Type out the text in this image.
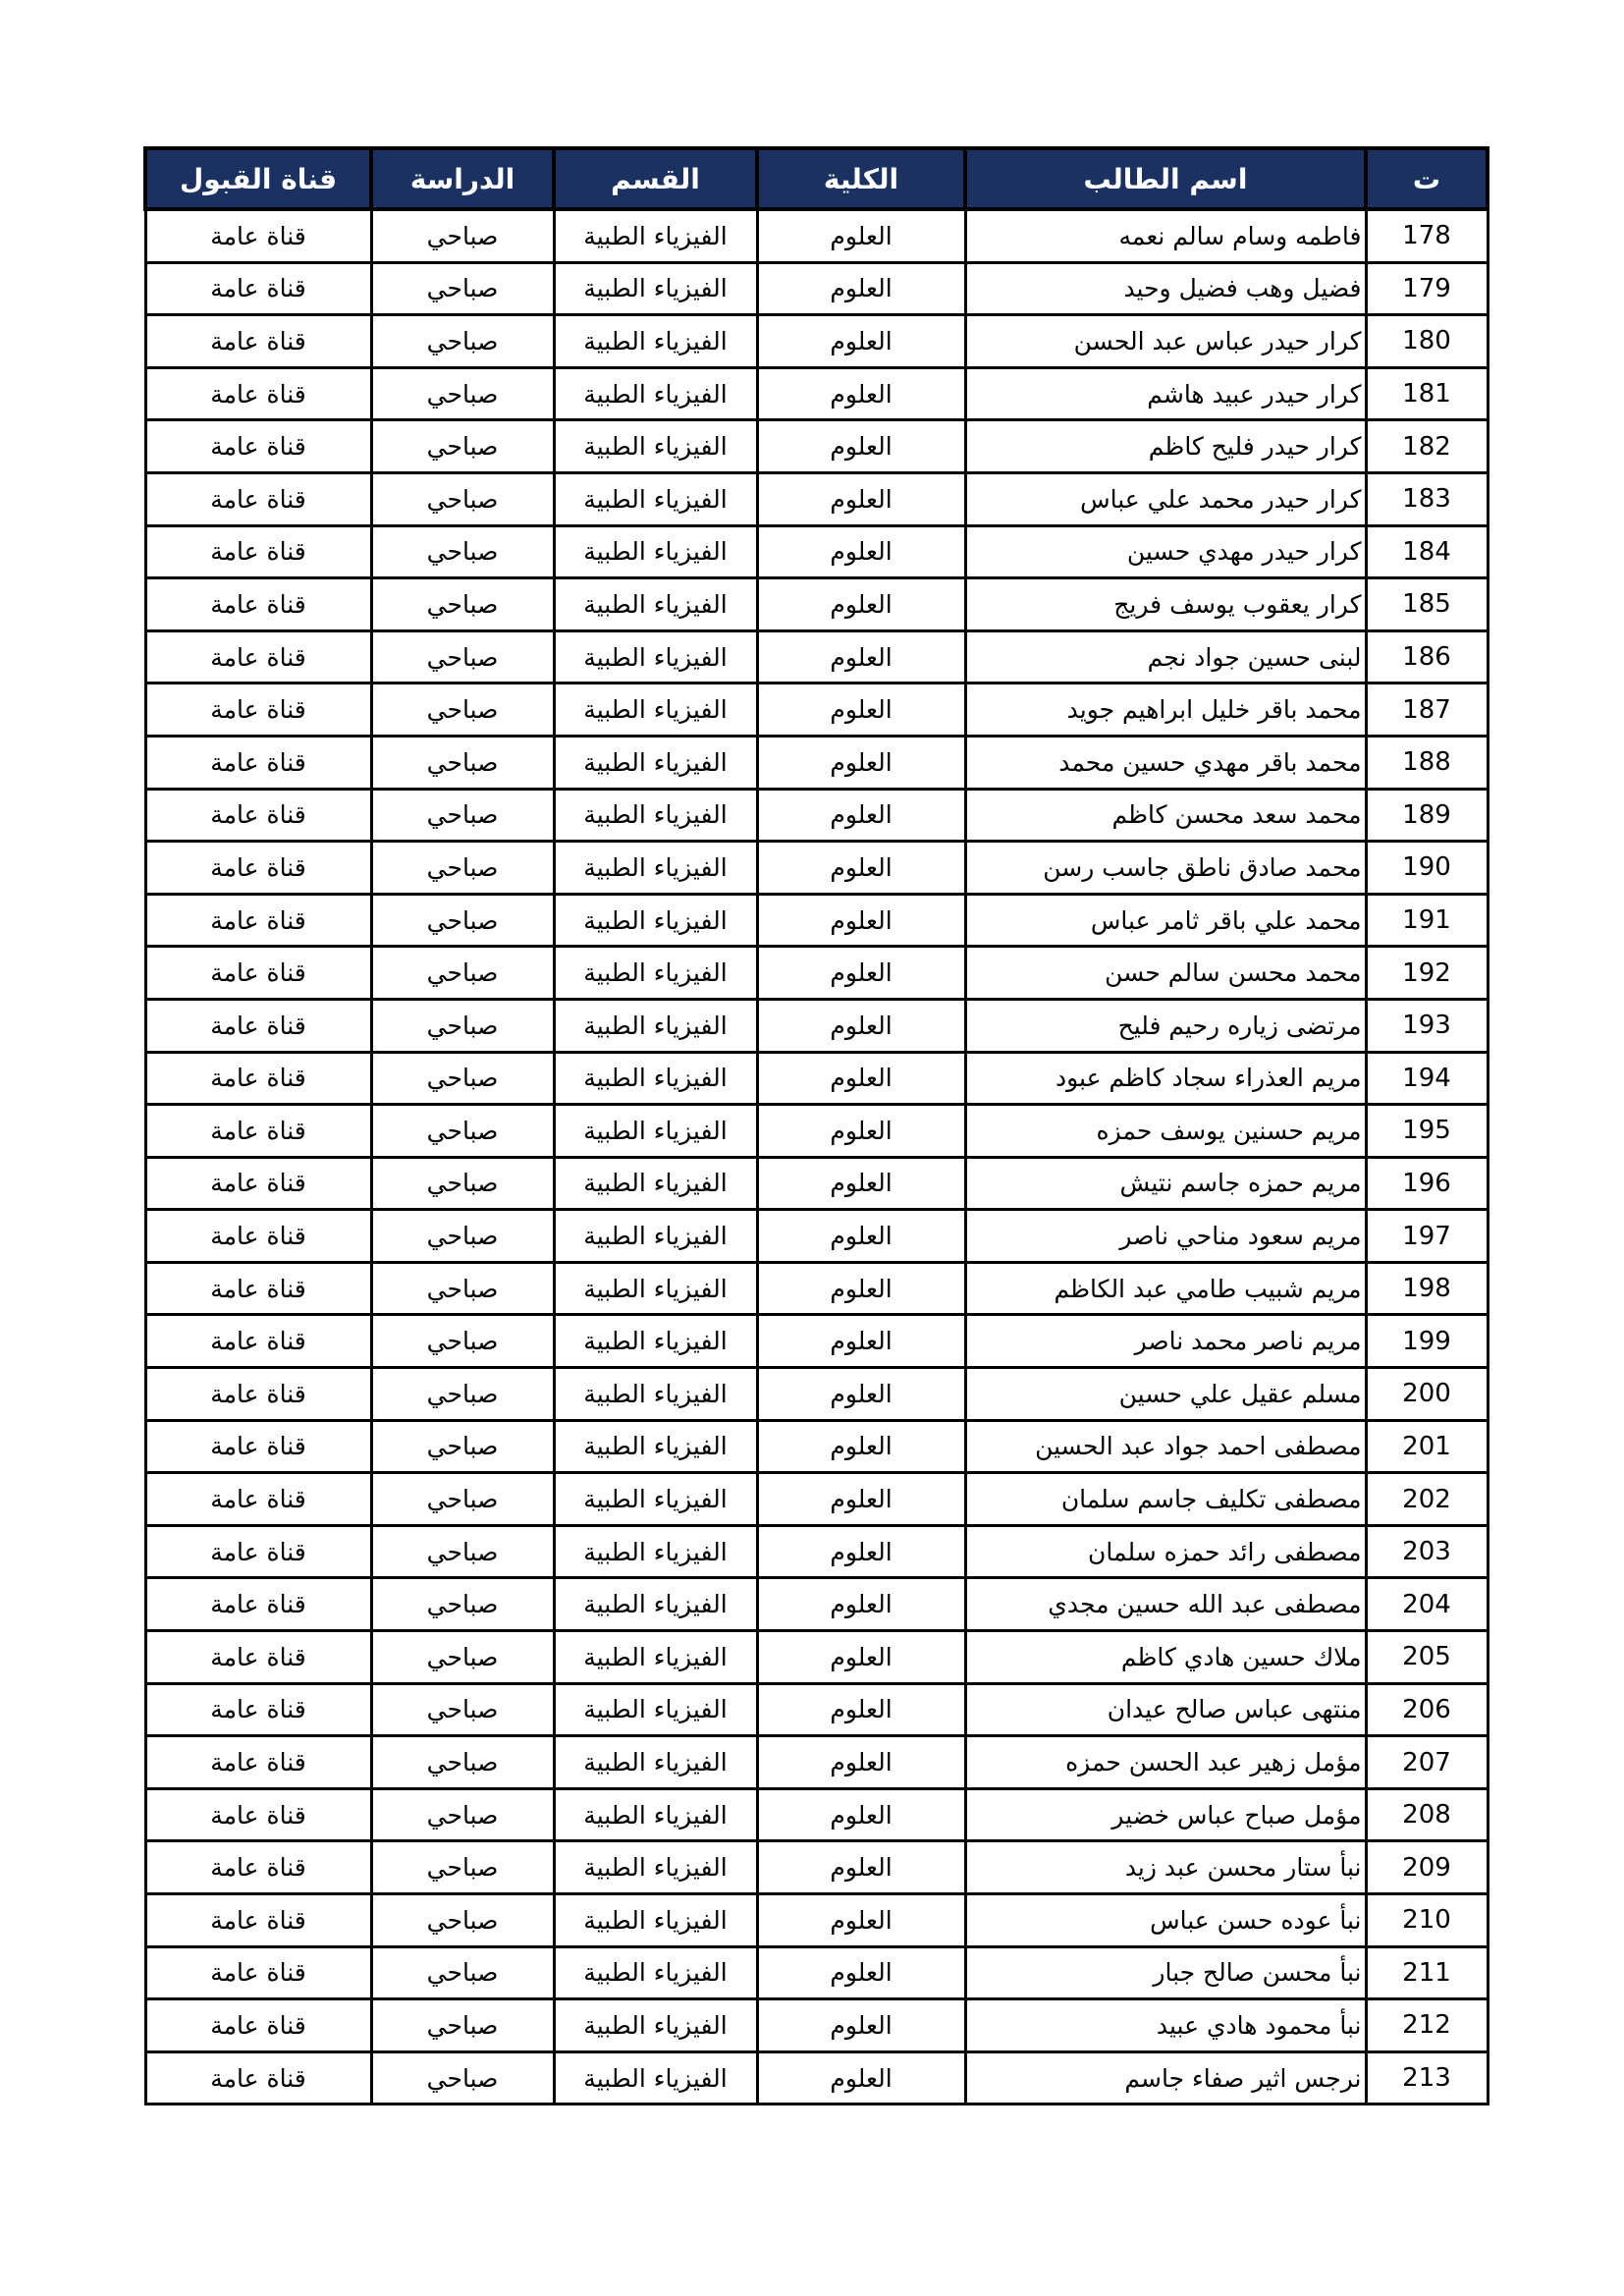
ت	اسم الطالب	الكلية	القسم	الدراسة	قناة القبول
178	فاطمه وسام سالم نعمه	العلوم	الفيزياء الطبية	صباحي	قناة عامة
179	فضيل وهب فضيل وحيد	العلوم	الفيزياء الطبية	صباحي	قناة عامة
180	كرار حيدر عباس عبد الحسن	العلوم	الفيزياء الطبية	صباحي	قناة عامة
181	كرار حيدر عبيد هاشم	العلوم	الفيزياء الطبية	صباحي	قناة عامة
182	كرار حيدر فليح كاظم	العلوم	الفيزياء الطبية	صباحي	قناة عامة
183	كرار حيدر محمد علي عباس	العلوم	الفيزياء الطبية	صباحي	قناة عامة
184	كرار حيدر مهدي حسين	العلوم	الفيزياء الطبية	صباحي	قناة عامة
185	كرار يعقوب يوسف فريج	العلوم	الفيزياء الطبية	صباحي	قناة عامة
186	لبنى حسين جواد نجم	العلوم	الفيزياء الطبية	صباحي	قناة عامة
187	محمد باقر خليل ابراهيم جويد	العلوم	الفيزياء الطبية	صباحي	قناة عامة
188	محمد باقر مهدي حسين محمد	العلوم	الفيزياء الطبية	صباحي	قناة عامة
189	محمد سعد محسن كاظم	العلوم	الفيزياء الطبية	صباحي	قناة عامة
190	محمد صادق ناطق جاسب رسن	العلوم	الفيزياء الطبية	صباحي	قناة عامة
191	محمد علي باقر ثامر عباس	العلوم	الفيزياء الطبية	صباحي	قناة عامة
192	محمد محسن سالم حسن	العلوم	الفيزياء الطبية	صباحي	قناة عامة
193	مرتضى زياره رحيم فليح	العلوم	الفيزياء الطبية	صباحي	قناة عامة
194	مريم العذراء سجاد كاظم عبود	العلوم	الفيزياء الطبية	صباحي	قناة عامة
195	مريم حسنين يوسف حمزه	العلوم	الفيزياء الطبية	صباحي	قناة عامة
196	مريم حمزه جاسم نتيش	العلوم	الفيزياء الطبية	صباحي	قناة عامة
197	مريم سعود مناحي ناصر	العلوم	الفيزياء الطبية	صباحي	قناة عامة
198	مريم شبيب طامي عبد الكاظم	العلوم	الفيزياء الطبية	صباحي	قناة عامة
199	مريم ناصر محمد ناصر	العلوم	الفيزياء الطبية	صباحي	قناة عامة
200	مسلم عقيل علي حسين	العلوم	الفيزياء الطبية	صباحي	قناة عامة
201	مصطفى احمد جواد عبد الحسين	العلوم	الفيزياء الطبية	صباحي	قناة عامة
202	مصطفى تكليف جاسم سلمان	العلوم	الفيزياء الطبية	صباحي	قناة عامة
203	مصطفى رائد حمزه سلمان	العلوم	الفيزياء الطبية	صباحي	قناة عامة
204	مصطفى عبد الله حسين مجدي	العلوم	الفيزياء الطبية	صباحي	قناة عامة
205	ملاك حسين هادي كاظم	العلوم	الفيزياء الطبية	صباحي	قناة عامة
206	منتهى عباس صالح عيدان	العلوم	الفيزياء الطبية	صباحي	قناة عامة
207	مؤمل زهير عبد الحسن حمزه	العلوم	الفيزياء الطبية	صباحي	قناة عامة
208	مؤمل صباح عباس خضير	العلوم	الفيزياء الطبية	صباحي	قناة عامة
209	نبأ ستار محسن عبد زيد	العلوم	الفيزياء الطبية	صباحي	قناة عامة
210	نبأ عوده حسن عباس	العلوم	الفيزياء الطبية	صباحي	قناة عامة
211	نبأ محسن صالح جبار	العلوم	الفيزياء الطبية	صباحي	قناة عامة
212	نبأ محمود هادي عبيد	العلوم	الفيزياء الطبية	صباحي	قناة عامة
213	نرجس اثير صفاء جاسم	العلوم	الفيزياء الطبية	صباحي	قناة عامة
